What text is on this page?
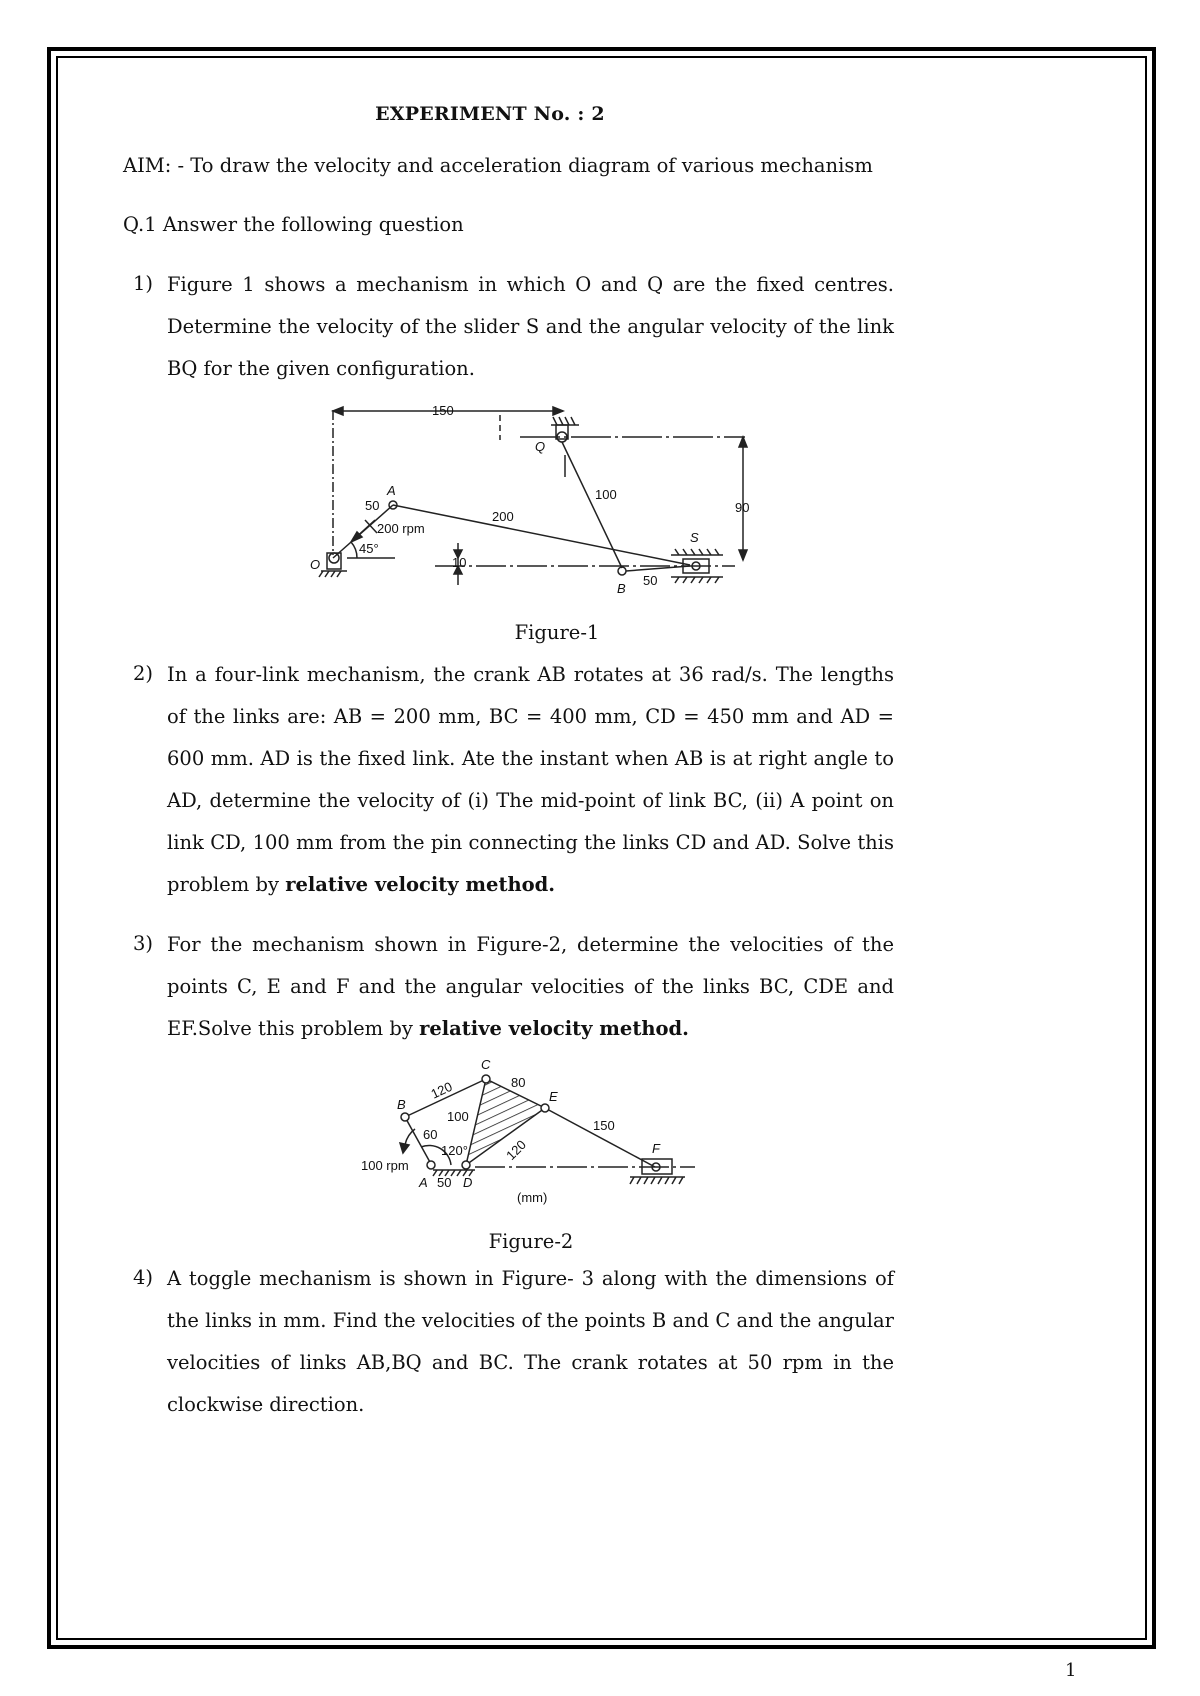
EXPERIMENT No. : 2
AIM: - To draw the velocity and acceleration diagram of various mechanism
Q.1 Answer the following question
1) Figure 1 shows a mechanism in which O and Q are the fixed centres. Determine the velocity of the slider S and the angular velocity of the link BQ for the given configuration.
150
90
10
200
100
50
50
200 rpm
45°
O
A
Q
B
S
Figure-1
2) In a four-link mechanism, the crank AB rotates at 36 rad/s. The lengths of the links are: AB = 200 mm, BC = 400 mm, CD = 450 mm and AD = 600 mm. AD is the fixed link. Ate the instant when AB is at right angle to AD, determine the velocity of (i) The mid-point of link BC, (ii) A point on link CD, 100 mm from the pin connecting the links CD and AD. Solve this problem by relative velocity method.
3) For the mechanism shown in Figure-2, determine the velocities of the points C, E and F and the angular velocities of the links BC, CDE and EF.Solve this problem by relative velocity method.
C
B
E
F
A	D
120	80
100
60
120°	120
150
50
100 rpm
(mm)
Figure-2
4) A toggle mechanism is shown in Figure- 3 along with the dimensions of the links in mm. Find the velocities of the points B and C and the angular velocities of links AB,BQ and BC. The crank rotates at 50 rpm in the clockwise direction.
1
